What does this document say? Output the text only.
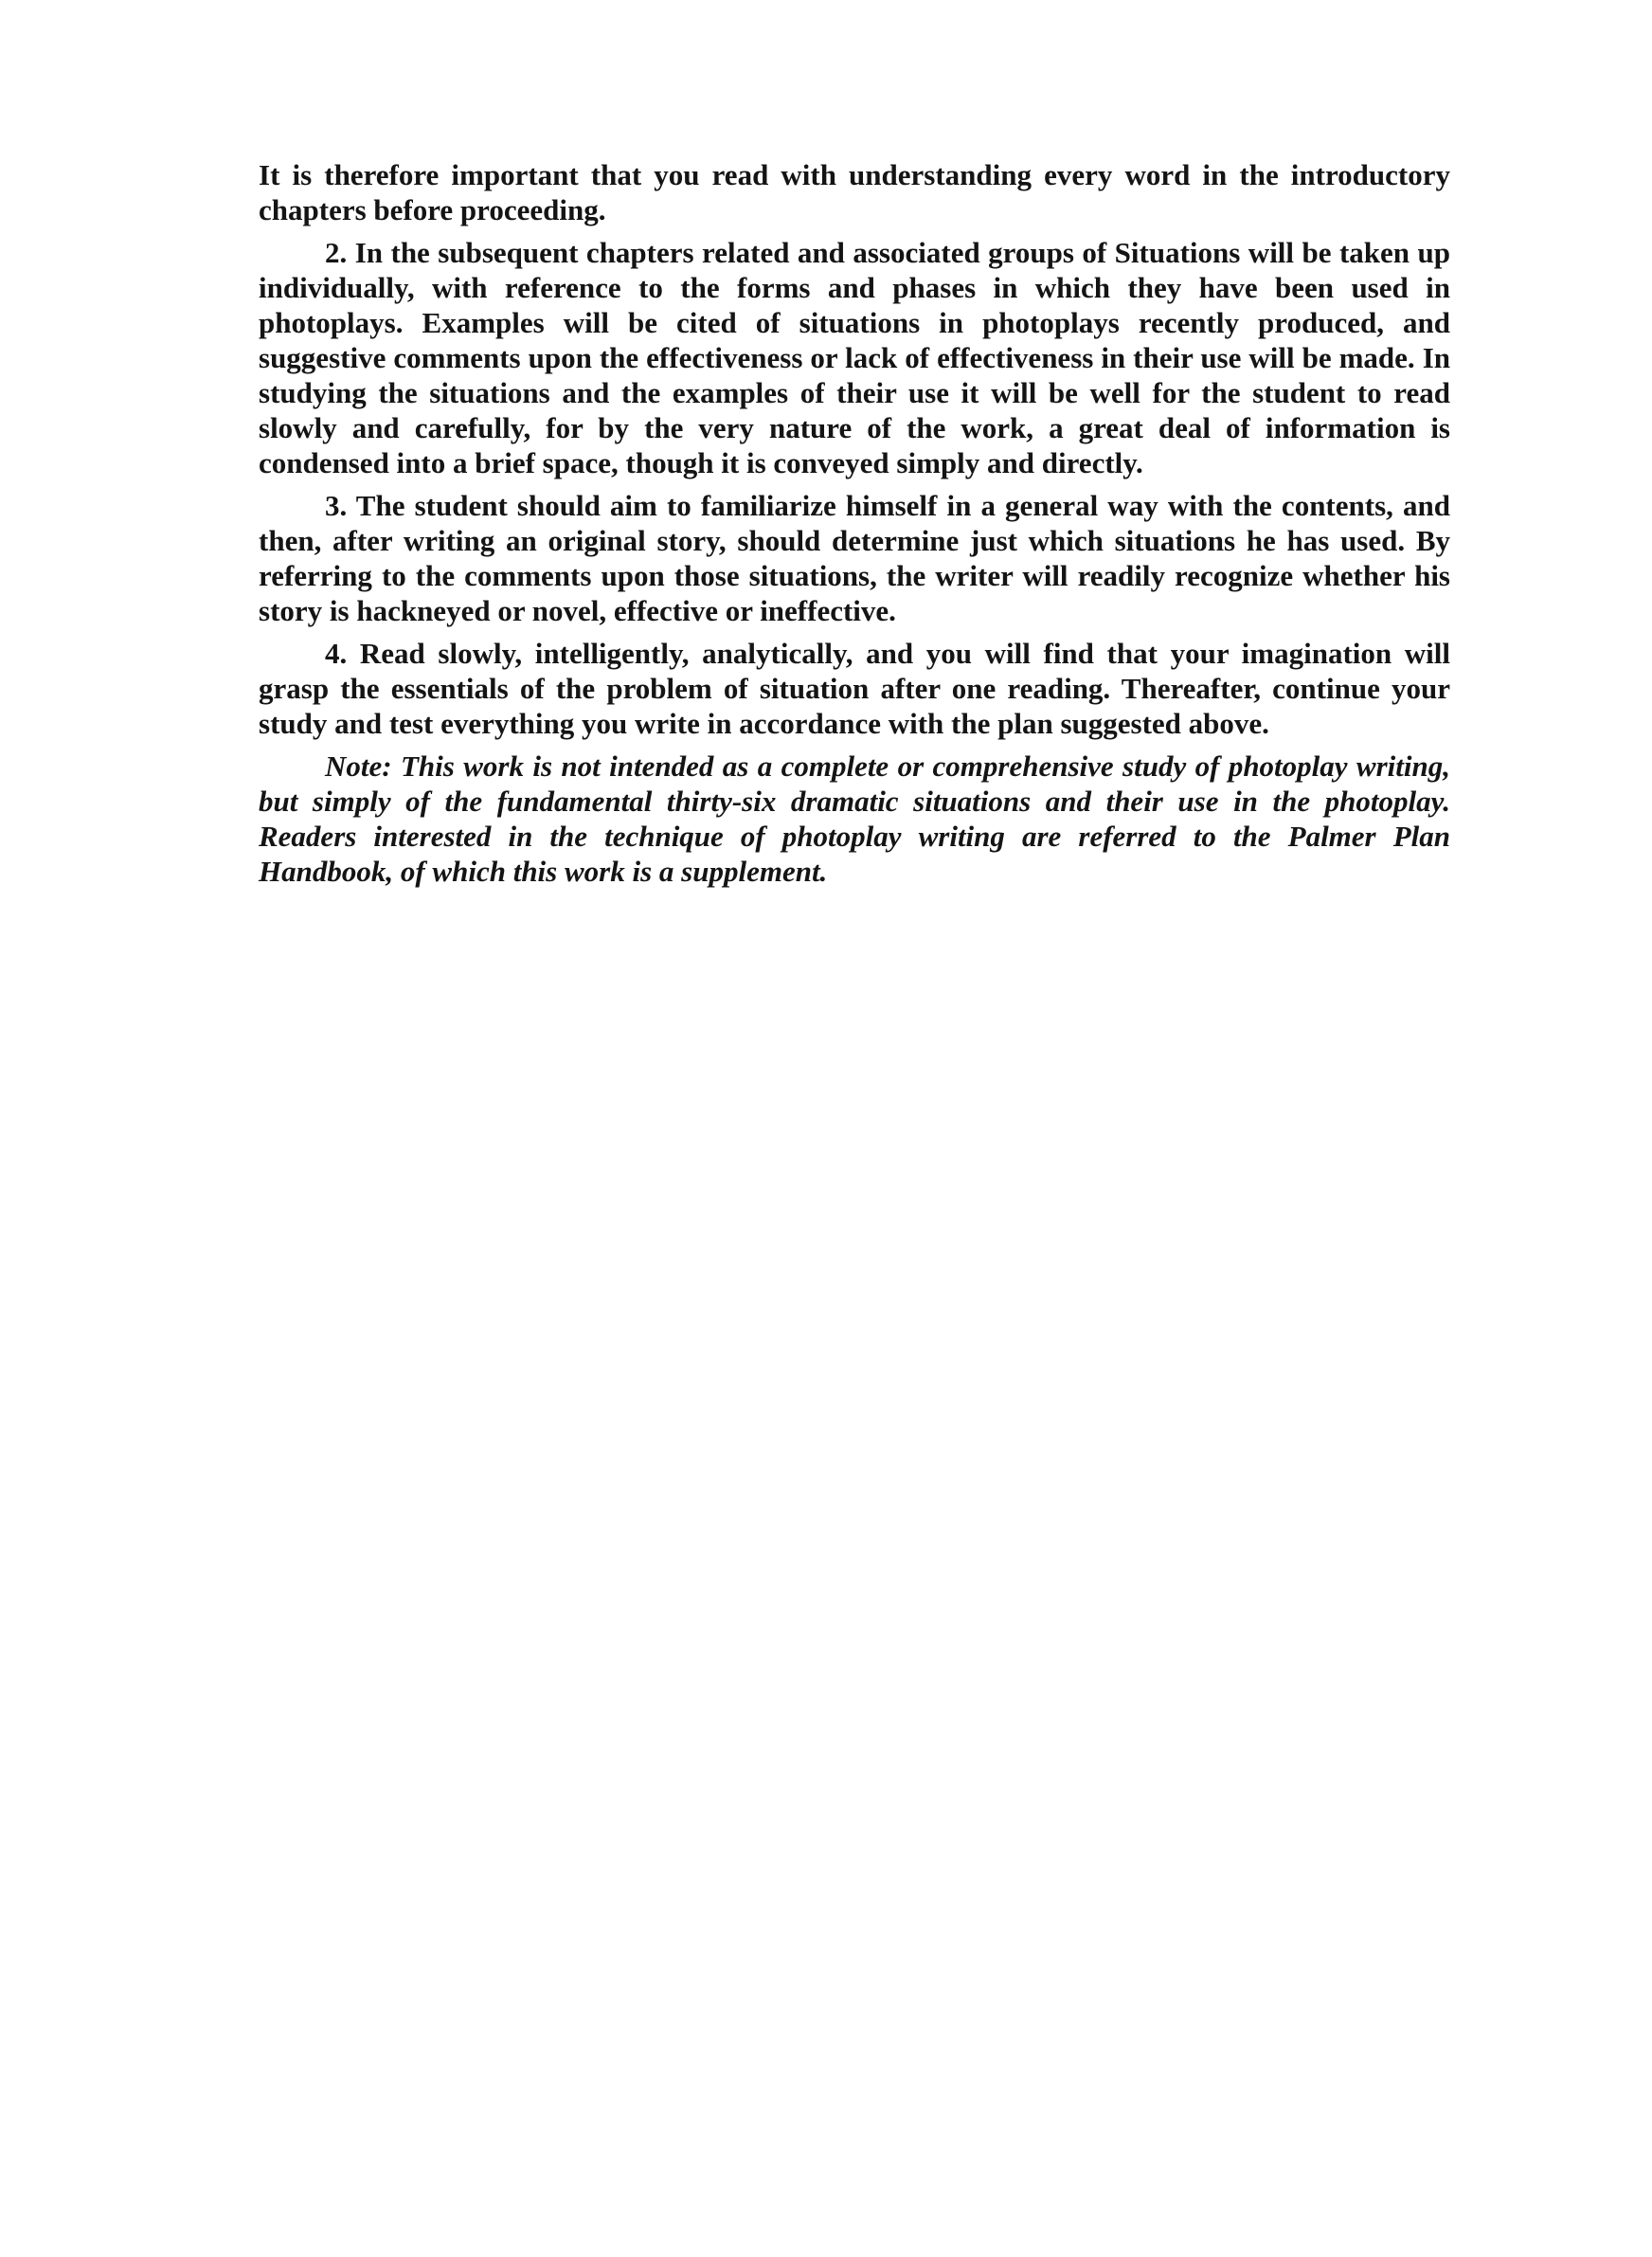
It is therefore important that you read with understanding every word in the introductory chapters before proceeding.

2. In the subsequent chapters related and associated groups of Situations will be taken up individually, with reference to the forms and phases in which they have been used in photoplays. Examples will be cited of situations in photoplays recently produced, and suggestive comments upon the effectiveness or lack of effectiveness in their use will be made. In studying the situations and the examples of their use it will be well for the student to read slowly and carefully, for by the very nature of the work, a great deal of information is condensed into a brief space, though it is conveyed simply and directly.

3. The student should aim to familiarize himself in a general way with the contents, and then, after writing an original story, should determine just which situations he has used. By referring to the comments upon those situations, the writer will readily recognize whether his story is hackneyed or novel, effective or ineffective.

4. Read slowly, intelligently, analytically, and you will find that your imagination will grasp the essentials of the problem of situation after one reading. Thereafter, continue your study and test everything you write in accordance with the plan suggested above.

Note: This work is not intended as a complete or comprehensive study of photoplay writing, but simply of the fundamental thirty-six dramatic situations and their use in the photoplay. Readers interested in the technique of photoplay writing are referred to the Palmer Plan Handbook, of which this work is a supplement.
